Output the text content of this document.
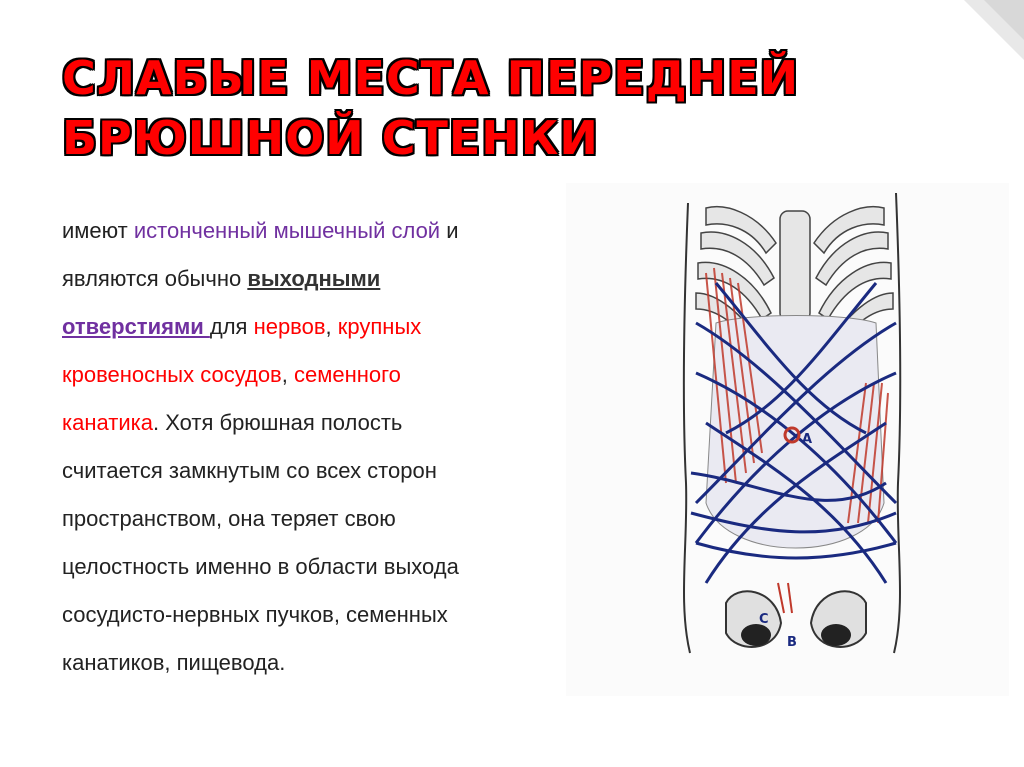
СЛАБЫЕ МЕСТА ПЕРЕДНЕЙ
БРЮШНОЙ СТЕНКИ
имеют истонченный мышечный слой и
являются обычно выходными
отверстиями для нервов, крупных
кровеносных сосудов, семенного
канатика. Хотя брюшная полость
считается замкнутым со всех сторон
пространством, она теряет свою
целостность именно в области выхода
сосудисто-нервных пучков, семенных
канатиков, пищевода.
A
C
B
